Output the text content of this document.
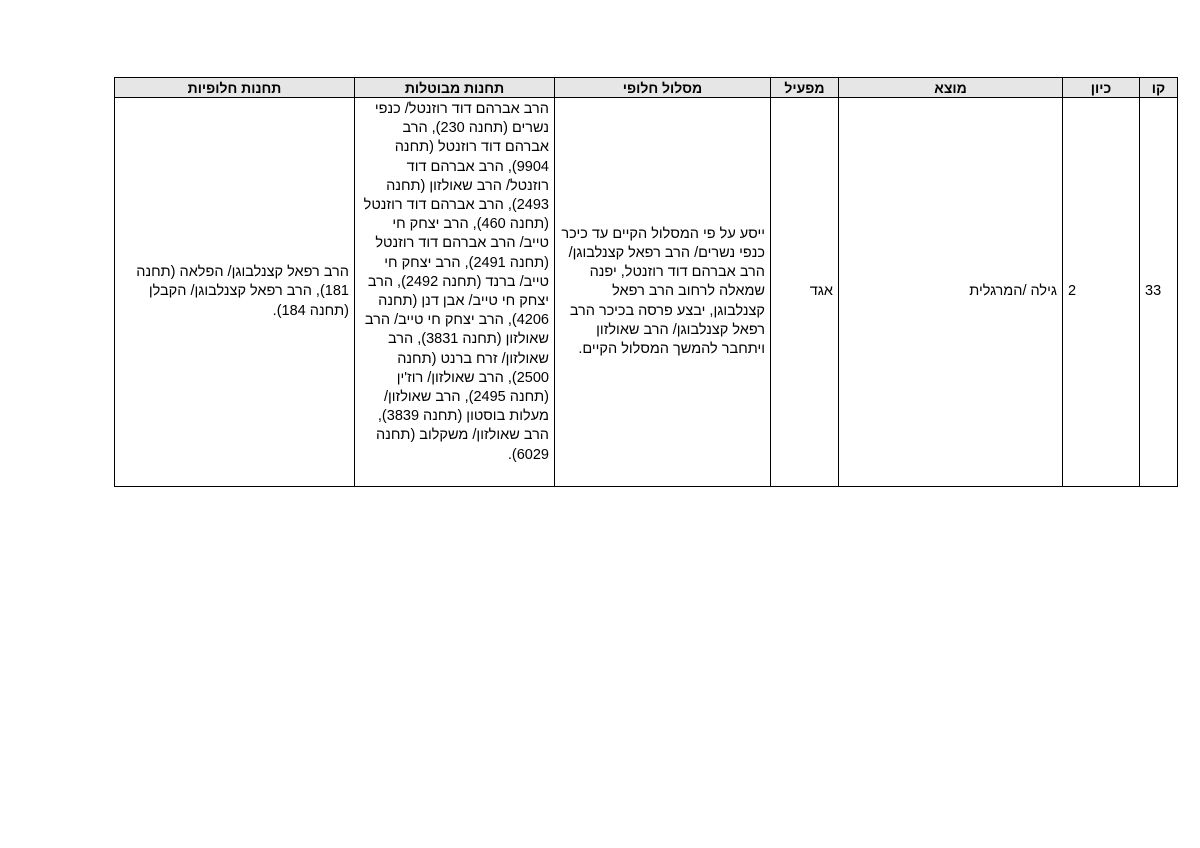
קו	כיון	מוצא	מפעיל	מסלול חלופי	תחנות מבוטלות	תחנות חלופיות
33	2	גילה /המרגלית	אגד	ייסע על פי המסלול הקיים עד כיכר כנפי נשרים/ הרב רפאל קצנלבוגן/ הרב אברהם דוד רוזנטל, יפנה שמאלה לרחוב הרב רפאל קצנלבוגן, יבצע פרסה בכיכר הרב רפאל קצנלבוגן/ הרב שאולזון ויתחבר להמשך המסלול הקיים.	הרב אברהם דוד רוזנטל/ כנפי נשרים (תחנה 230), הרב אברהם דוד רוזנטל (תחנה 9904), הרב אברהם דוד רוזנטל/ הרב שאולזון (תחנה 2493), הרב אברהם דוד רוזנטל (תחנה 460), הרב יצחק חי טייב/ הרב אברהם דוד רוזנטל (תחנה 2491), הרב יצחק חי טייב/ ברנד (תחנה 2492), הרב יצחק חי טייב/ אבן דנן (תחנה 4206), הרב יצחק חי טייב/ הרב שאולזון (תחנה 3831), הרב שאולזון/ זרח ברנט (תחנה 2500), הרב שאולזון/ רוז'ין (תחנה 2495), הרב שאולזון/ מעלות בוסטון (תחנה 3839), הרב שאולזון/ משקלוב (תחנה 6029).	הרב רפאל קצנלבוגן/ הפלאה (תחנה 181), הרב רפאל קצנלבוגן/ הקבלן (תחנה 184).
